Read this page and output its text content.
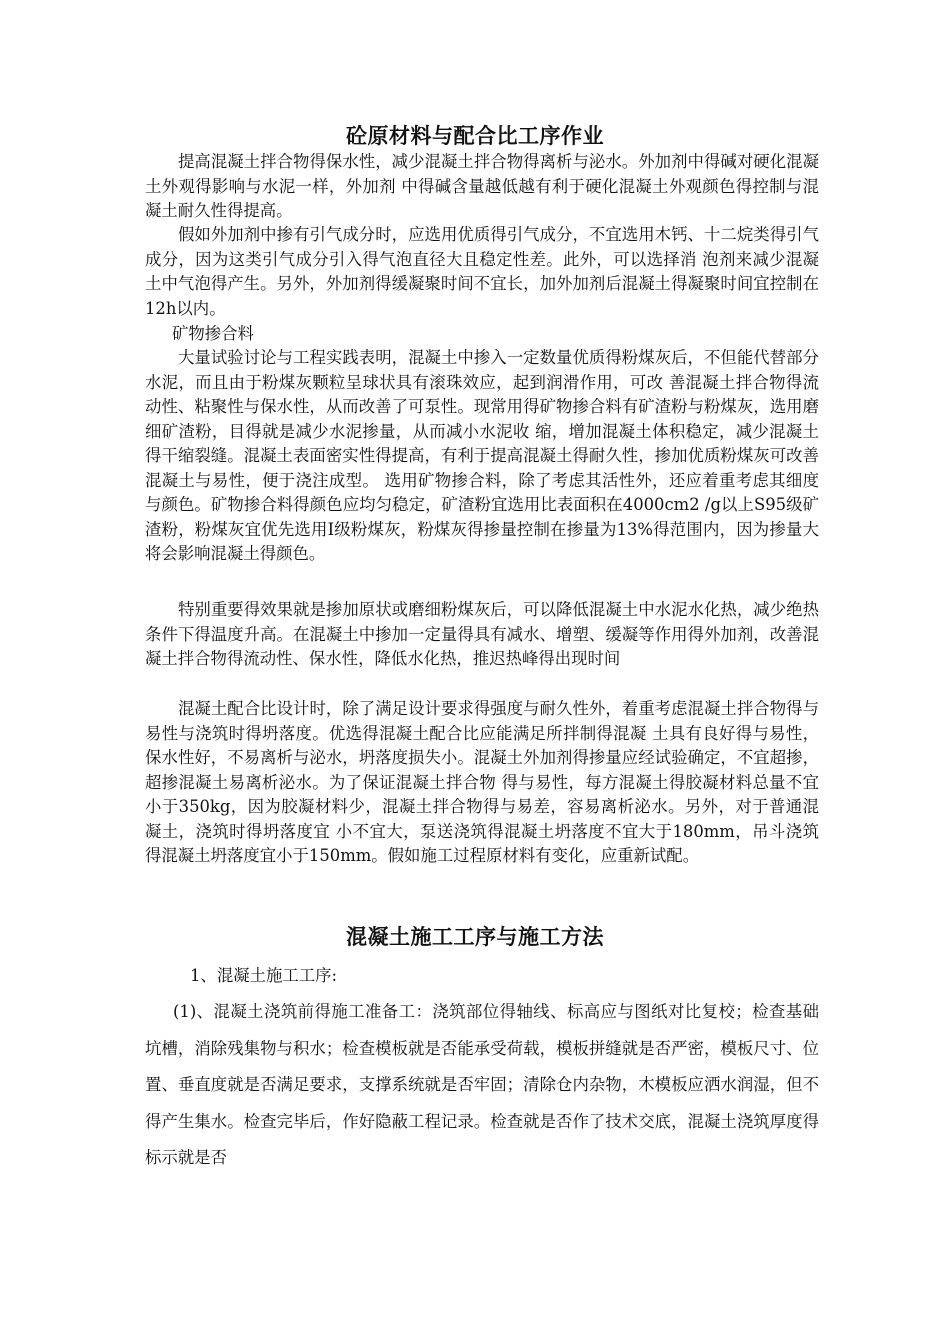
砼原材料与配合比工序作业

提高混凝土拌合物得保水性，减少混凝土拌合物得离析与泌水。外加剂中得碱对硬化混凝土外观得影响与水泥一样，外加剂 中得碱含量越低越有利于硬化混凝土外观颜色得控制与混凝土耐久性得提高。

假如外加剂中掺有引气成分时，应选用优质得引气成分，不宜选用木钙、十二烷类得引气成分，因为这类引气成分引入得气泡直径大且稳定性差。此外，可以选择消 泡剂来减少混凝土中气泡得产生。另外，外加剂得缓凝聚时间不宜长，加外加剂后混凝土得凝聚时间宜控制在12h以内。

矿物掺合料

大量试验讨论与工程实践表明，混凝土中掺入一定数量优质得粉煤灰后，不但能代替部分水泥，而且由于粉煤灰颗粒呈球状具有滚珠效应，起到润滑作用，可改 善混凝土拌合物得流动性、粘聚性与保水性，从而改善了可泵性。现常用得矿物掺合料有矿渣粉与粉煤灰，选用磨细矿渣粉，目得就是减少水泥掺量，从而减小水泥收 缩，增加混凝土体积稳定，减少混凝土得干缩裂缝。混凝土表面密实性得提高，有利于提高混凝土得耐久性，掺加优质粉煤灰可改善混凝土与易性，便于浇注成型。 选用矿物掺合料，除了考虑其活性外，还应着重考虑其细度与颜色。矿物掺合料得颜色应均匀稳定，矿渣粉宜选用比表面积在4000cm2 /g以上S95级矿渣粉，粉煤灰宜优先选用Ⅰ级粉煤灰，粉煤灰得掺量控制在掺量为13%得范围内，因为掺量大将会影响混凝土得颜色。

特别重要得效果就是掺加原状或磨细粉煤灰后，可以降低混凝土中水泥水化热，减少绝热条件下得温度升高。在混凝土中掺加一定量得具有减水、增塑、缓凝等作用得外加剂，改善混凝土拌合物得流动性、保水性，降低水化热，推迟热峰得出现时间

混凝土配合比设计时，除了满足设计要求得强度与耐久性外，着重考虑混凝土拌合物得与易性与浇筑时得坍落度。优选得混凝土配合比应能满足所拌制得混凝 土具有良好得与易性，保水性好，不易离析与泌水，坍落度损失小。混凝土外加剂得掺量应经试验确定，不宜超掺，超掺混凝土易离析泌水。为了保证混凝土拌合物 得与易性，每方混凝土得胶凝材料总量不宜小于350kg，因为胶凝材料少，混凝土拌合物得与易差，容易离析泌水。另外，对于普通混凝土，浇筑时得坍落度宜 小不宜大，泵送浇筑得混凝土坍落度不宜大于180mm，吊斗浇筑得混凝土坍落度宜小于150mm。假如施工过程原材料有变化，应重新试配。

混凝土施工工序与施工方法

1、混凝土施工工序:

(1)、混凝土浇筑前得施工准备工：浇筑部位得轴线、标高应与图纸对比复校；检查基础坑槽，消除残集物与积水；检查模板就是否能承受荷载，模板拼缝就是否严密，模板尺寸、位置、垂直度就是否满足要求，支撑系统就是否牢固；清除仓内杂物，木模板应洒水润湿，但不得产生集水。检查完毕后，作好隐蔽工程记录。检查就是否作了技术交底，混凝土浇筑厚度得标示就是否
